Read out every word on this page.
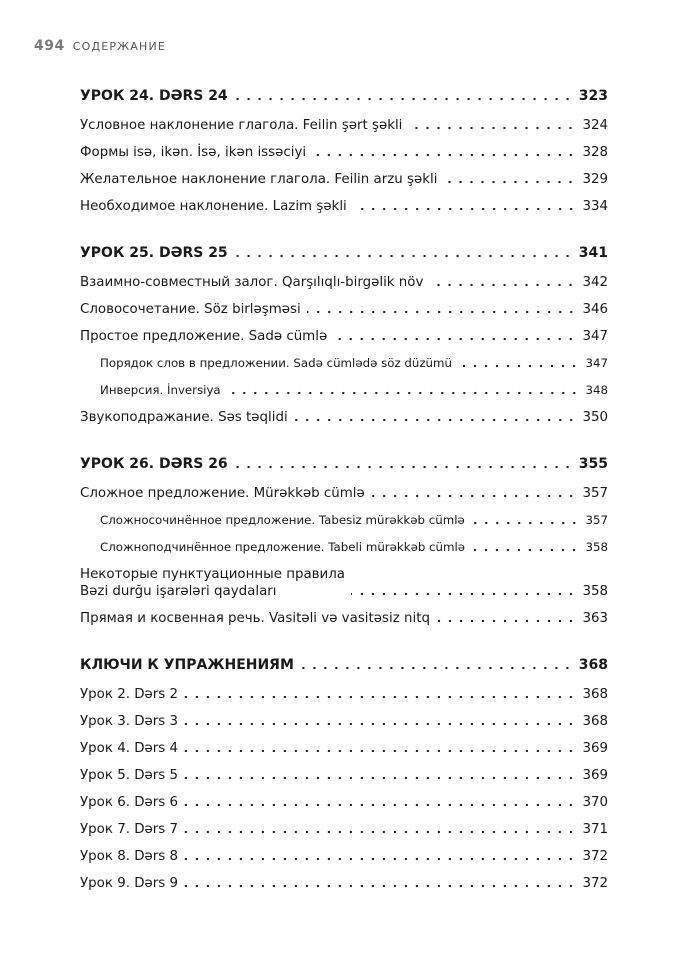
494 СОДЕРЖАНИЕ
УРОК 24. DƏRS 24	323
Условное наклонение глагола. Feilin şərt şəkli	324
Формы isə, ikən. İsə, ikən issəciyi	328
Желательное наклонение глагола. Feilin arzu şəkli	329
Необходимое наклонение. Lazim şəkli	334
УРОК 25. DƏRS 25	341
Взаимно-совместный залог. Qarşılıqlı-birgəlik növ	342
Словосочетание. Söz birləşməsi	346
Простое предложение. Sadə cümlə	347
Порядок слов в предложении. Sadə cümlədə söz düzümü	347
Инверсия. İnversiya	348
Звукоподражание. Səs təqlidi	350
УРОК 26. DƏRS 26	355
Сложное предложение. Mürəkkəb cümlə	357
Сложносочинённое предложение. Tabesiz mürəkkəb cümlə	357
Сложноподчинённое предложение. Tabeli mürəkkəb cümlə	358
Некоторые пунктуационные правила
Bəzi durğu işarələri qaydaları	358
Прямая и косвенная речь. Vasitəli və vasitəsiz nitq	363
КЛЮЧИ К УПРАЖНЕНИЯМ	368
Урок 2. Dərs 2	368
Урок 3. Dərs 3	368
Урок 4. Dərs 4	369
Урок 5. Dərs 5	369
Урок 6. Dərs 6	370
Урок 7. Dərs 7	371
Урок 8. Dərs 8	372
Урок 9. Dərs 9	372
